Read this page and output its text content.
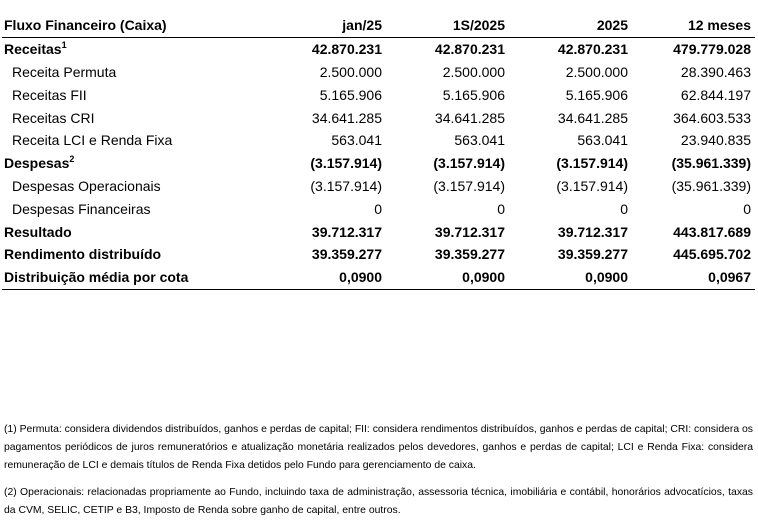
Fluxo Financeiro (Caixa)	jan/25	1S/2025	2025	12 meses
Receitas$^1$	42.870.231	42.870.231	42.870.231	479.779.028
Receita Permuta	2.500.000	2.500.000	2.500.000	28.390.463
Receitas FII	5.165.906	5.165.906	5.165.906	62.844.197
Receitas CRI	34.641.285	34.641.285	34.641.285	364.603.533
Receita LCI e Renda Fixa	563.041	563.041	563.041	23.940.835
Despesas$^2$	(3.157.914)	(3.157.914)	(3.157.914)	(35.961.339)
Despesas Operacionais	(3.157.914)	(3.157.914)	(3.157.914)	(35.961.339)
Despesas Financeiras	0	0	0	0
Resultado	39.712.317	39.712.317	39.712.317	443.817.689
Rendimento distribuído	39.359.277	39.359.277	39.359.277	445.695.702
Distribuição média por cota	0,0900	0,0900	0,0900	0,0967
(1) Permuta: considera dividendos distribuídos, ganhos e perdas de capital; FII: considera rendimentos distribuídos, ganhos e perdas de capital; CRI: considera os pagamentos periódicos de juros remuneratórios e atualização monetária realizados pelos devedores, ganhos e perdas de capital; LCI e Renda Fixa: considera remuneração de LCI e demais títulos de Renda Fixa detidos pelo Fundo para gerenciamento de caixa.
(2) Operacionais: relacionadas propriamente ao Fundo, incluindo taxa de administração, assessoria técnica, imobiliária e contábil, honorários advocatícios, taxas da CVM, SELIC, CETIP e B3, Imposto de Renda sobre ganho de capital, entre outros.
